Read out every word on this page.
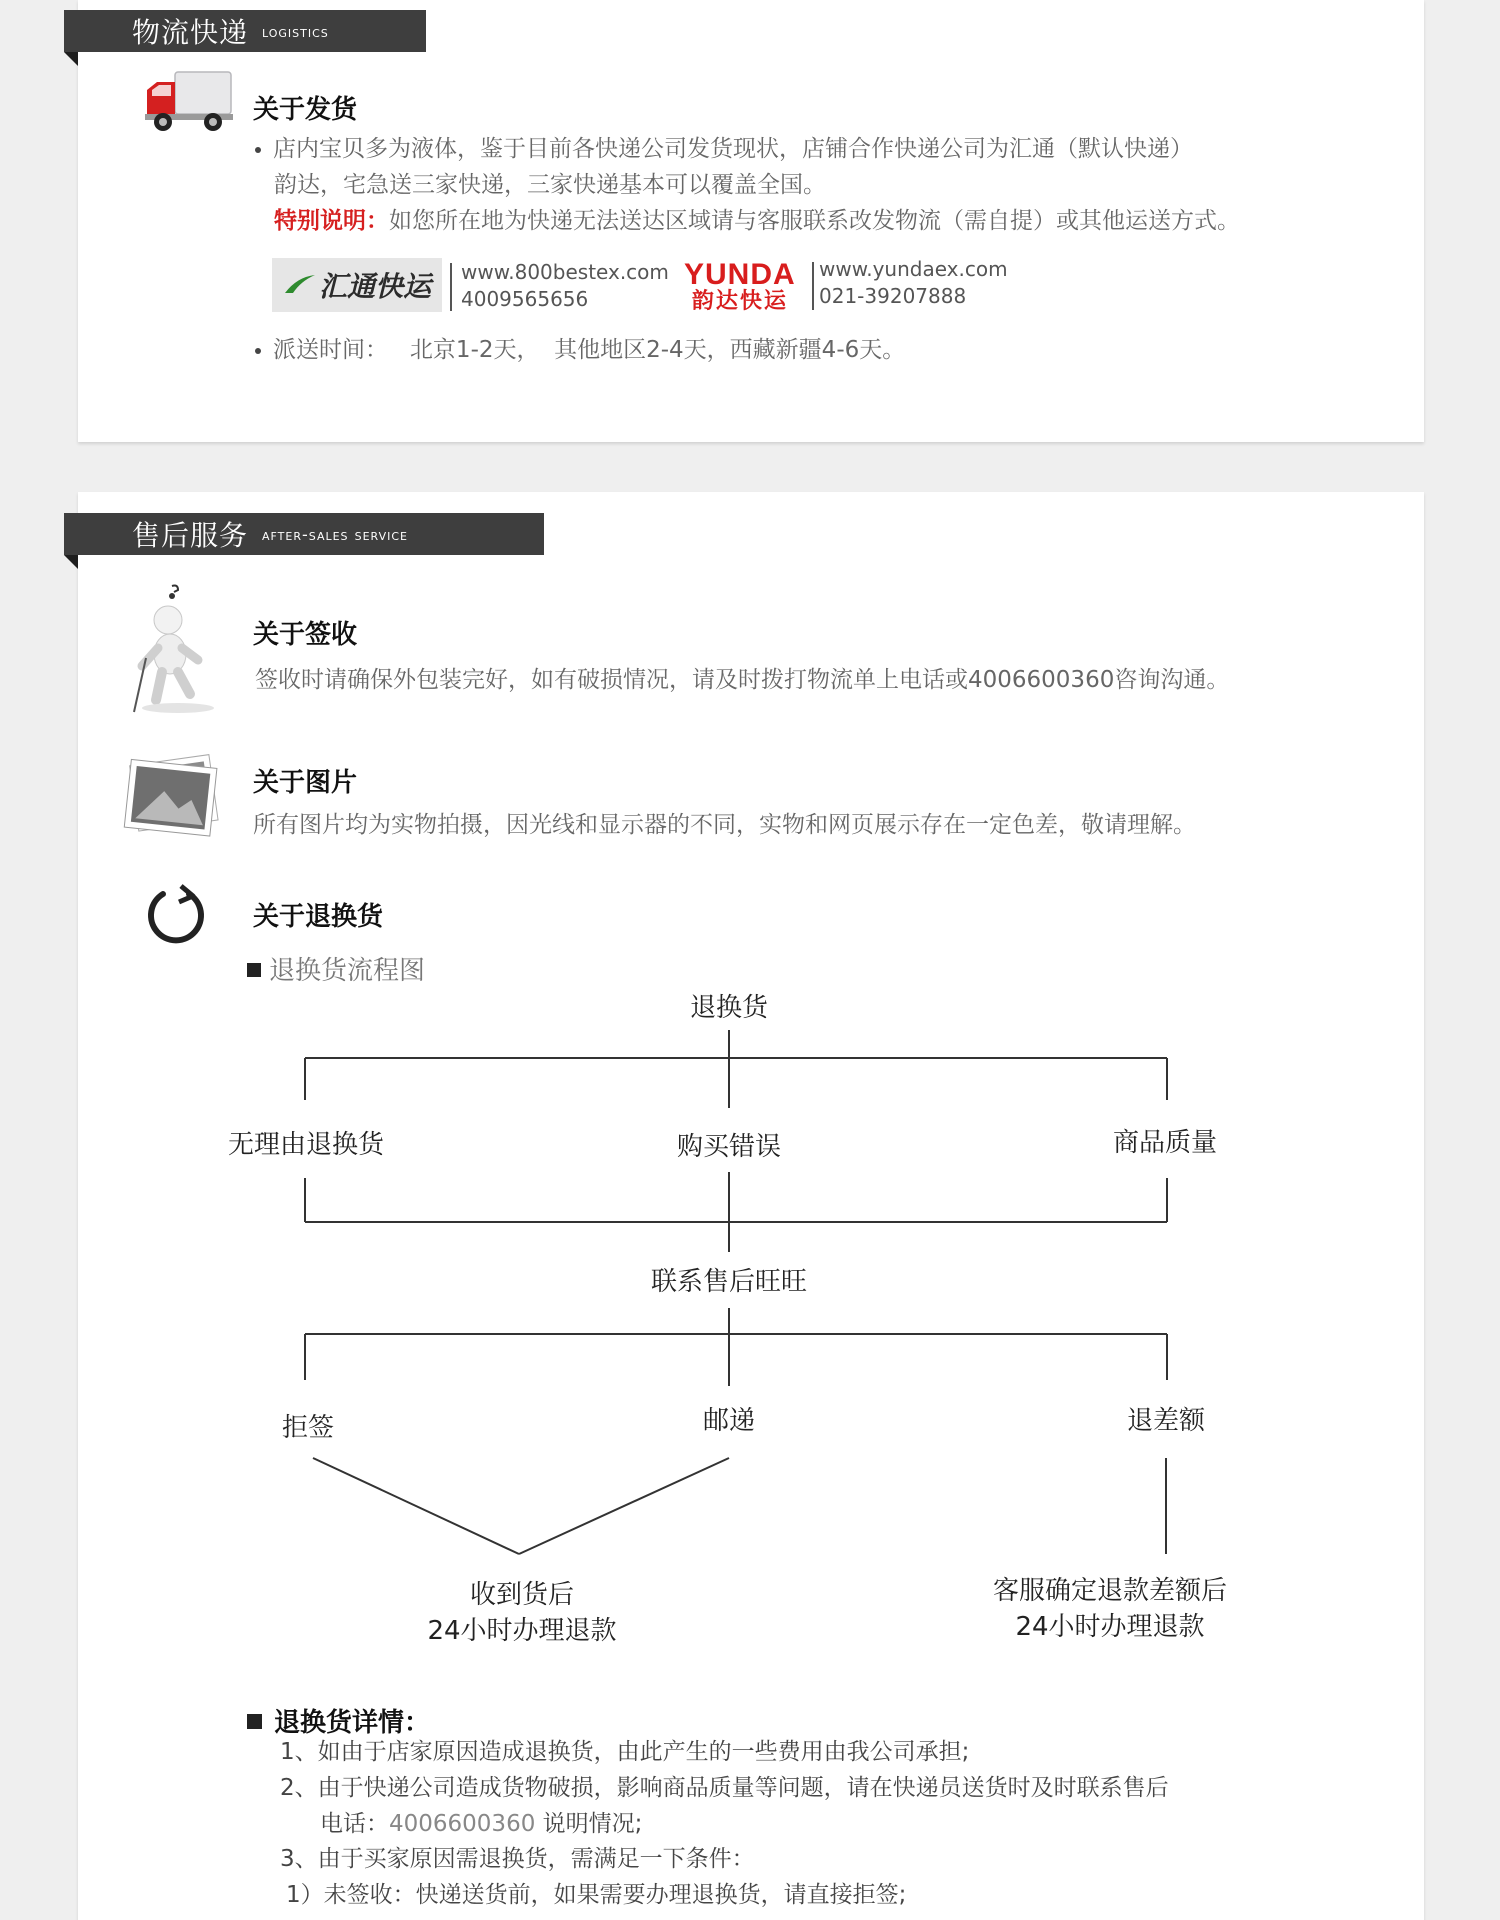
物流快递 logistics
关于发货
店内宝贝多为液体，鉴于目前各快递公司发货现状，店铺合作快递公司为汇通（默认快递）
韵达，宅急送三家快递，三家快递基本可以覆盖全国。
特别说明：如您所在地为快递无法送达区域请与客服联系改发物流（需自提）或其他运送方式。
汇通快运 www.800bestex.com
4009565656
YUNDA
韵达快运
www.yundaex.com
021-39207888
派送时间：   北京1-2天，  其他地区2-4天，西藏新疆4-6天。
售后服务 after-sales service
关于签收
签收时请确保外包装完好，如有破损情况，请及时拨打物流单上电话或4006600360咨询沟通。
关于图片
所有图片均为实物拍摄，因光线和显示器的不同，实物和网页展示存在一定色差，敬请理解。
关于退换货
退换货流程图
退换货
无理由退换货	购买错误	商品质量
联系售后旺旺
拒签	邮递	退差额
收到货后
24小时办理退款
客服确定退款差额后
24小时办理退款
退换货详情：
1、如由于店家原因造成退换货，由此产生的一些费用由我公司承担;
2、由于快递公司造成货物破损，影响商品质量等问题，请在快递员送货时及时联系售后
电话：4006600360 说明情况;
3、由于买家原因需退换货，需满足一下条件：
1）未签收：快递送货前，如果需要办理退换货，请直接拒签;
